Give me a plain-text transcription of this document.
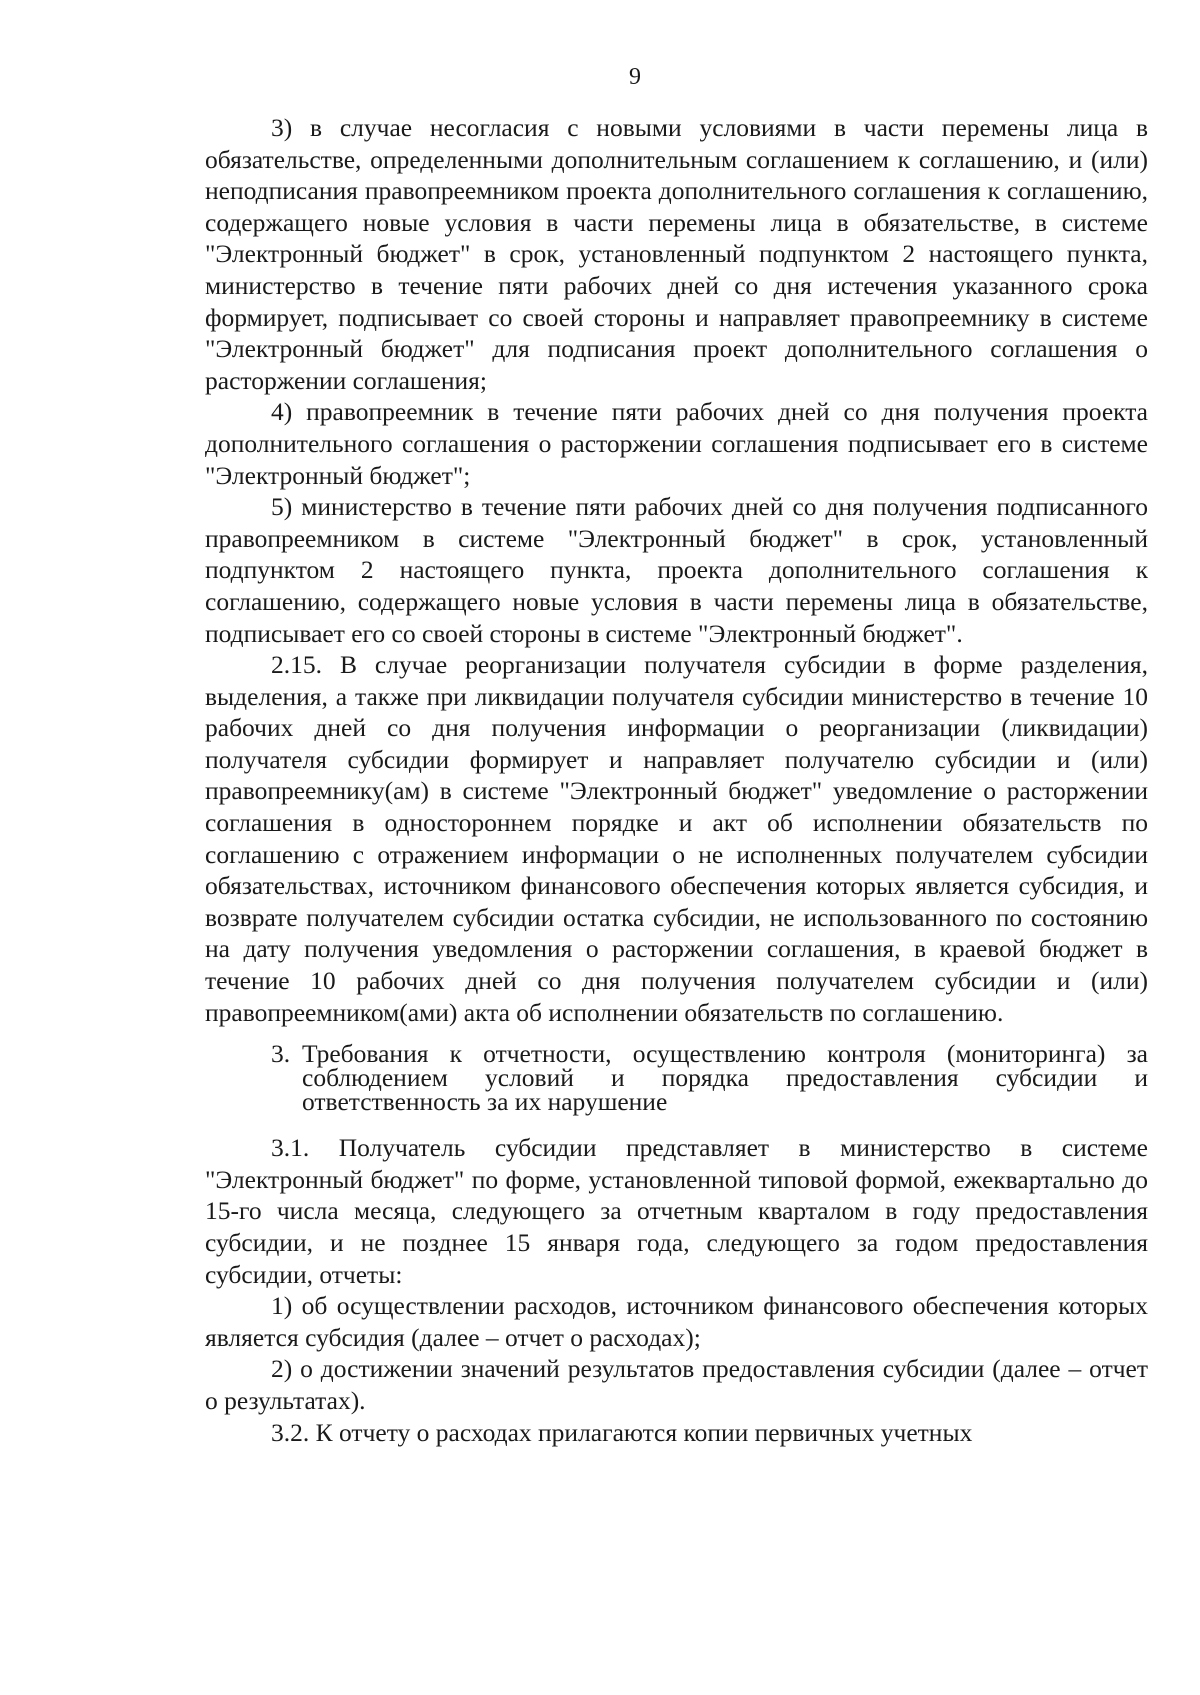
9

3) в случае несогласия с новыми условиями в части перемены лица в обязательстве, определенными дополнительным соглашением к соглашению, и (или) неподписания правопреемником проекта дополнительного соглашения к соглашению, содержащего новые условия в части перемены лица в обязательстве, в системе "Электронный бюджет" в срок, установленный подпунктом 2 настоящего пункта, министерство в течение пяти рабочих дней со дня истечения указанного срока формирует, подписывает со своей стороны и направляет правопреемнику в системе "Электронный бюджет" для подписания проект дополнительного соглашения о расторжении соглашения;

4) правопреемник в течение пяти рабочих дней со дня получения проекта дополнительного соглашения о расторжении соглашения подписывает его в системе "Электронный бюджет";

5) министерство в течение пяти рабочих дней со дня получения подписанного правопреемником в системе "Электронный бюджет" в срок, установленный подпунктом 2 настоящего пункта, проекта дополнительного соглашения к соглашению, содержащего новые условия в части перемены лица в обязательстве, подписывает его со своей стороны в системе "Электронный бюджет".

2.15. В случае реорганизации получателя субсидии в форме разделения, выделения, а также при ликвидации получателя субсидии министерство в течение 10 рабочих дней со дня получения информации о реорганизации (ликвидации) получателя субсидии формирует и направляет получателю субсидии и (или) правопреемнику(ам) в системе "Электронный бюджет" уведомление о расторжении соглашения в одностороннем порядке и акт об исполнении обязательств по соглашению с отражением информации о не исполненных получателем субсидии обязательствах, источником финансового обеспечения которых является субсидия, и возврате получателем субсидии остатка субсидии, не использованного по состоянию на дату получения уведомления о расторжении соглашения, в краевой бюджет в течение 10 рабочих дней со дня получения получателем субсидии и (или) правопреемником(ами) акта об исполнении обязательств по соглашению.

3. Требования к отчетности, осуществлению контроля (мониторинга) за соблюдением условий и порядка предоставления субсидии и ответственность за их нарушение

3.1. Получатель субсидии представляет в министерство в системе "Электронный бюджет" по форме, установленной типовой формой, ежеквартально до 15-го числа месяца, следующего за отчетным кварталом в году предоставления субсидии, и не позднее 15 января года, следующего за годом предоставления субсидии, отчеты:

1) об осуществлении расходов, источником финансового обеспечения которых является субсидия (далее – отчет о расходах);

2) о достижении значений результатов предоставления субсидии (далее – отчет о результатах).

3.2. К отчету о расходах прилагаются копии первичных учетных
